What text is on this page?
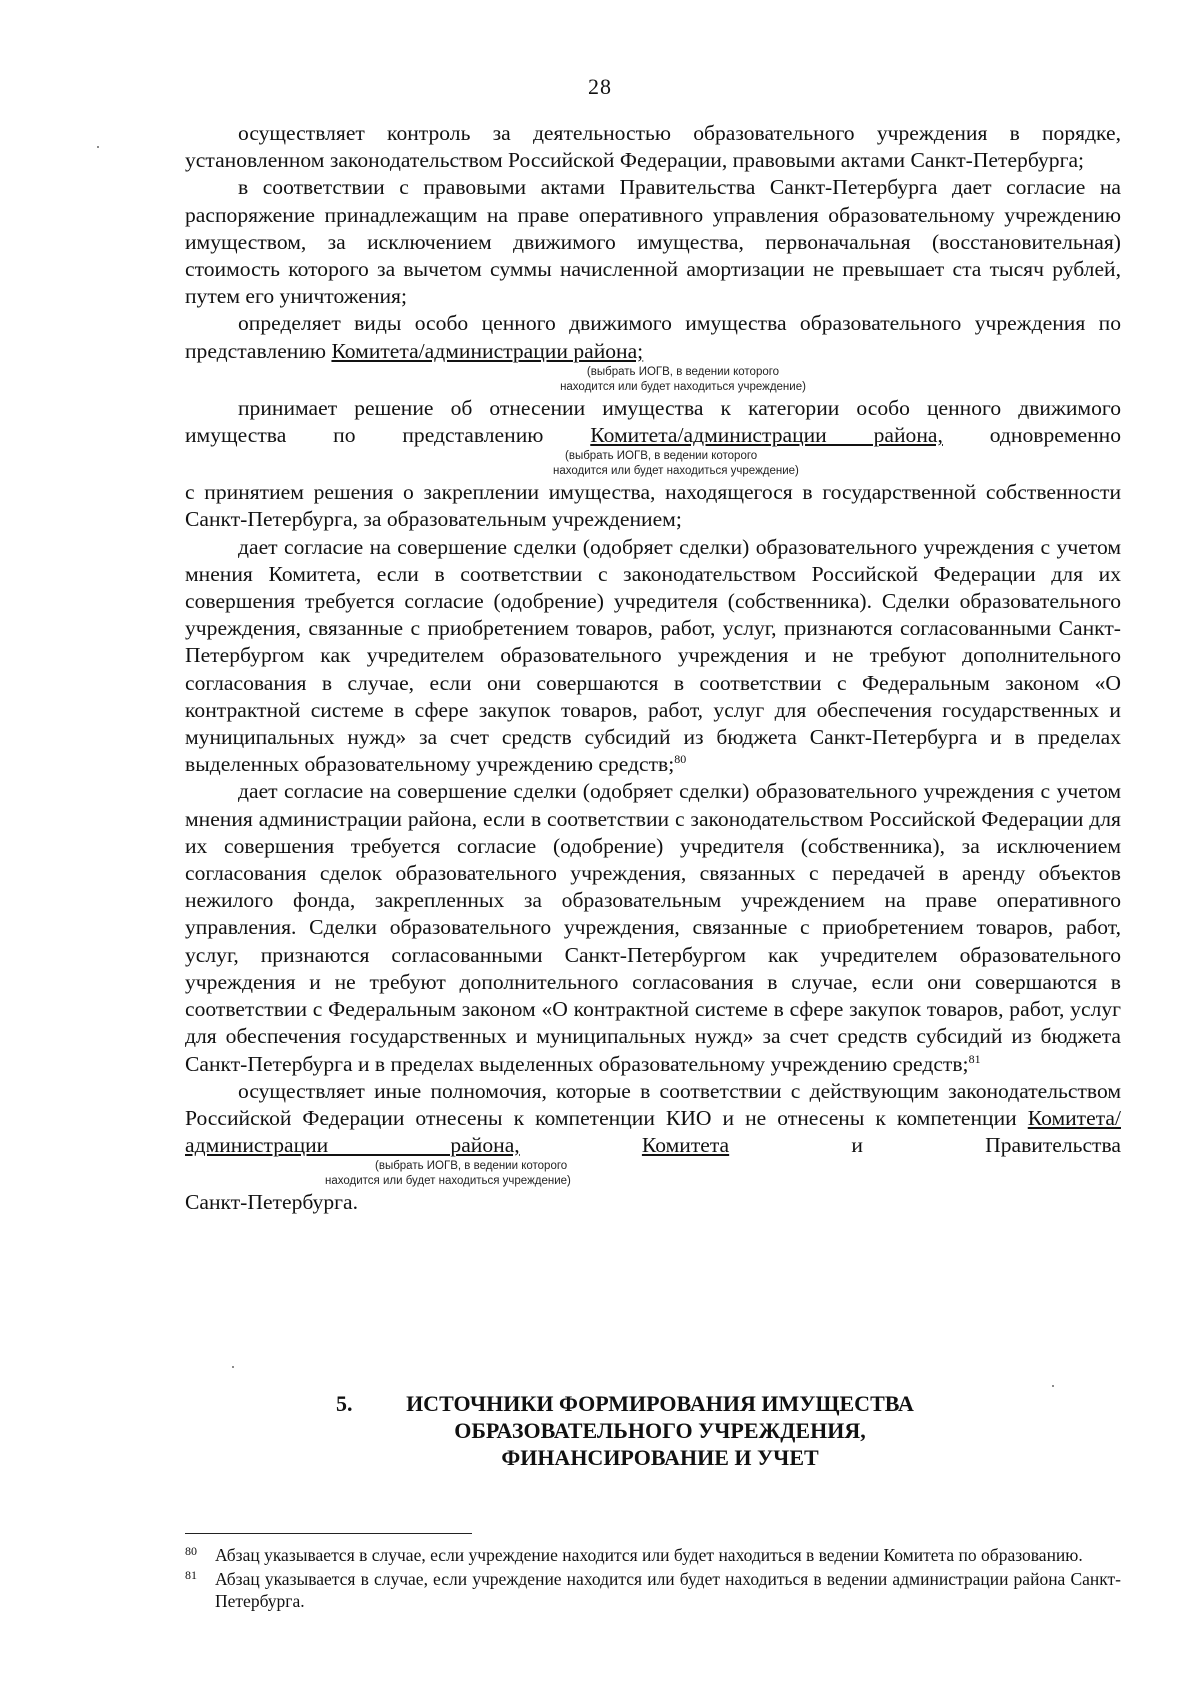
28

осуществляет контроль за деятельностью образовательного учреждения в порядке, установленном законодательством Российской Федерации, правовыми актами Санкт-Петербурга;

в соответствии с правовыми актами Правительства Санкт-Петербурга дает согласие на распоряжение принадлежащим на праве оперативного управления образовательному учреждению имуществом, за исключением движимого имущества, первоначальная (восстановительная) стоимость которого за вычетом суммы начисленной амортизации не превышает ста тысяч рублей, путем его уничтожения;

определяет виды особо ценного движимого имущества образовательного учреждения по представлению Комитета/администрации района;

(выбрать ИОГВ, в ведении которого
находится или будет находиться учреждение)

принимает решение об отнесении имущества к категории особо ценного движимого имущества по представлению Комитета/администрации района, одновременно

(выбрать ИОГВ, в ведении которого
находится или будет находиться учреждение)

с принятием решения о закреплении имущества, находящегося в государственной собственности Санкт-Петербурга, за образовательным учреждением;

дает согласие на совершение сделки (одобряет сделки) образовательного учреждения с учетом мнения Комитета, если в соответствии с законодательством Российской Федерации для их совершения требуется согласие (одобрение) учредителя (собственника). Сделки образовательного учреждения, связанные с приобретением товаров, работ, услуг, признаются согласованными Санкт-Петербургом как учредителем образовательного учреждения и не требуют дополнительного согласования в случае, если они совершаются в соответствии с Федеральным законом «О контрактной системе в сфере закупок товаров, работ, услуг для обеспечения государственных и муниципальных нужд» за счет средств субсидий из бюджета Санкт-Петербурга и в пределах выделенных образовательному учреждению средств;$^{80}$

дает согласие на совершение сделки (одобряет сделки) образовательного учреждения с учетом мнения администрации района, если в соответствии с законодательством Российской Федерации для их совершения требуется согласие (одобрение) учредителя (собственника), за исключением согласования сделок образовательного учреждения, связанных с передачей в аренду объектов нежилого фонда, закрепленных за образовательным учреждением на праве оперативного управления. Сделки образовательного учреждения, связанные с приобретением товаров, работ, услуг, признаются согласованными Санкт-Петербургом как учредителем образовательного учреждения и не требуют дополнительного согласования в случае, если они совершаются в соответствии с Федеральным законом «О контрактной системе в сфере закупок товаров, работ, услуг для обеспечения государственных и муниципальных нужд» за счет средств субсидий из бюджета Санкт-Петербурга и в пределах выделенных образовательному учреждению средств;$^{81}$

осуществляет иные полномочия, которые в соответствии с действующим законодательством Российской Федерации отнесены к компетенции КИО и не отнесены к компетенции Комитета/администрации района,	Комитета и Правительства

(выбрать ИОГВ, в ведении которого
находится или будет находиться учреждение)

Санкт-Петербурга.

5.	ИСТОЧНИКИ ФОРМИРОВАНИЯ ИМУЩЕСТВА
ОБРАЗОВАТЕЛЬНОГО УЧРЕЖДЕНИЯ,
ФИНАНСИРОВАНИЕ И УЧЕТ

80 Абзац указывается в случае, если учреждение находится или будет находиться в ведении Комитета по образованию.

81 Абзац указывается в случае, если учреждение находится или будет находиться в ведении администрации района Санкт-Петербурга.
